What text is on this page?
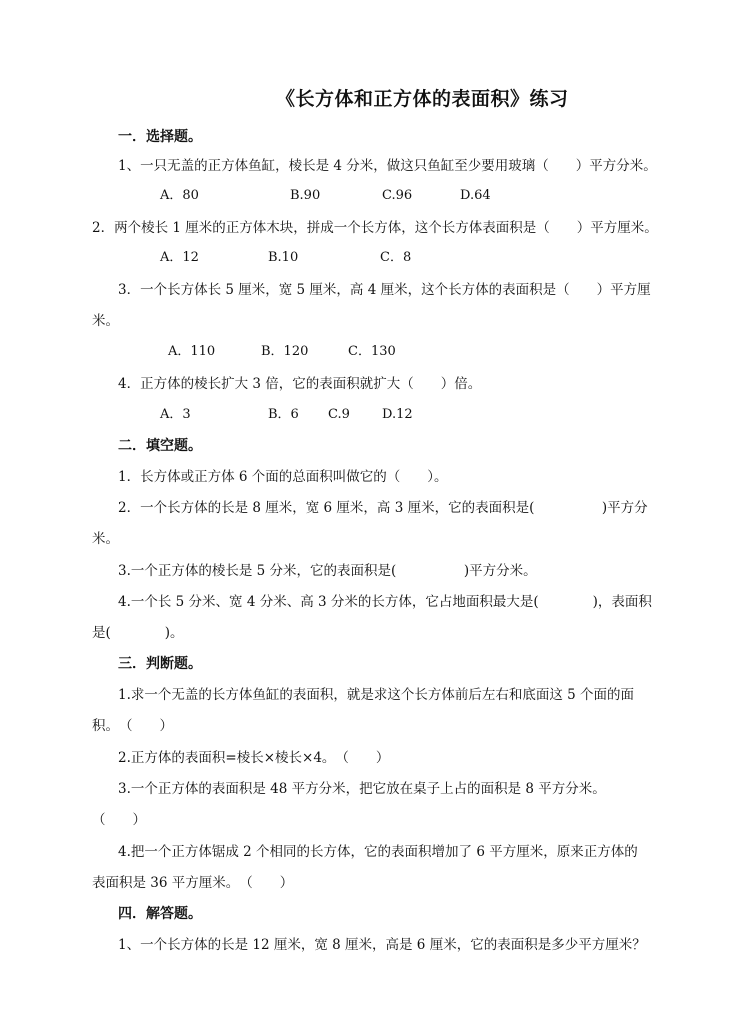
《长方体和正方体的表面积》练习
一．选择题。
1、一只无盖的正方体鱼缸，棱长是 4 分米，做这只鱼缸至少要用玻璃（　　）平方分米。
A．80	B.90	C.96	D.64
2．两个棱长 1 厘米的正方体木块，拼成一个长方体，这个长方体表面积是（　　）平方厘米。
A．12	B.10	C．8
3．一个长方体长 5 厘米，宽 5 厘米，高 4 厘米，这个长方体的表面积是（　　）平方厘
米。
A．110	B．120	C．130
4．正方体的棱长扩大 3 倍，它的表面积就扩大（　　）倍。
A．3	B．6 C.9 D.12
二．填空题。
1．长方体或正方体 6 个面的总面积叫做它的（　　）。
2．一个长方体的长是 8 厘米，宽 6 厘米，高 3 厘米，它的表面积是(　　　　　)平方分
米。
3.一个正方体的棱长是 5 分米，它的表面积是(　　　　　)平方分米。
4.一个长 5 分米、宽 4 分米、高 3 分米的长方体，它占地面积最大是(　　　　)，表面积
是(　　　　)。
三．判断题。
1.求一个无盖的长方体鱼缸的表面积，就是求这个长方体前后左右和底面这 5 个面的面
积。　（　　）
2.正方体的表面积=棱长×棱长×4。　（　　）
3.一个正方体的表面积是 48 平方分米，把它放在桌子上占的面积是 8 平方分米。
（　　）
4.把一个正方体锯成 2 个相同的长方体，它的表面积增加了 6 平方厘米，原来正方体的
表面积是 36 平方厘米。　（　　）
四．解答题。
1、一个长方体的长是 12 厘米，宽 8 厘米，高是 6 厘米，它的表面积是多少平方厘米？
